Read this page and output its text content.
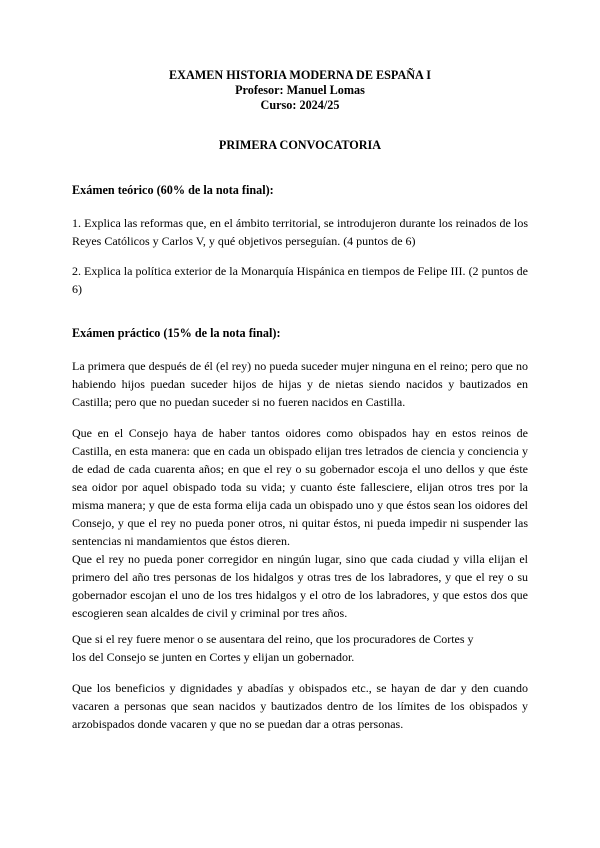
EXAMEN HISTORIA MODERNA DE ESPAÑA I
Profesor: Manuel Lomas
Curso: 2024/25
PRIMERA CONVOCATORIA
Exámen teórico (60% de la nota final):
1. Explica las reformas que, en el ámbito territorial, se introdujeron durante los reinados de los Reyes Católicos y Carlos V, y qué objetivos perseguían. (4 puntos de 6)
2. Explica la política exterior de la Monarquía Hispánica en tiempos de Felipe III. (2 puntos de 6)
Exámen práctico (15% de la nota final):
La primera que después de él (el rey) no pueda suceder mujer ninguna en el reino; pero que no habiendo hijos puedan suceder hijos de hijas y de nietas siendo nacidos y bautizados en Castilla; pero que no puedan suceder si no fueren nacidos en Castilla.
Que en el Consejo haya de haber tantos oidores como obispados hay en estos reinos de Castilla, en esta manera: que en cada un obispado elijan tres letrados de ciencia y conciencia y de edad de cada cuarenta años; en que el rey o su gobernador escoja el uno dellos y que éste sea oidor por aquel obispado toda su vida; y cuanto éste fallesciere, elijan otros tres por la misma manera; y que de esta forma elija cada un obispado uno y que éstos sean los oidores del Consejo, y que el rey no pueda poner otros, ni quitar éstos, ni pueda impedir ni suspender las sentencias ni mandamientos que éstos dieren.
Que el rey no pueda poner corregidor en ningún lugar, sino que cada ciudad y villa elijan el primero del año tres personas de los hidalgos y otras tres de los labradores, y que el rey o su gobernador escojan el uno de los tres hidalgos y el otro de los labradores, y que estos dos que escogieren sean alcaldes de civil y criminal por tres años.
Que si el rey fuere menor o se ausentara del reino, que los procuradores de Cortes y
los del Consejo se junten en Cortes y elijan un gobernador.
Que los beneficios y dignidades y abadías y obispados etc., se hayan de dar y den cuando vacaren a personas que sean nacidos y bautizados dentro de los límites de los obispados y arzobispados donde vacaren y que no se puedan dar a otras personas.
